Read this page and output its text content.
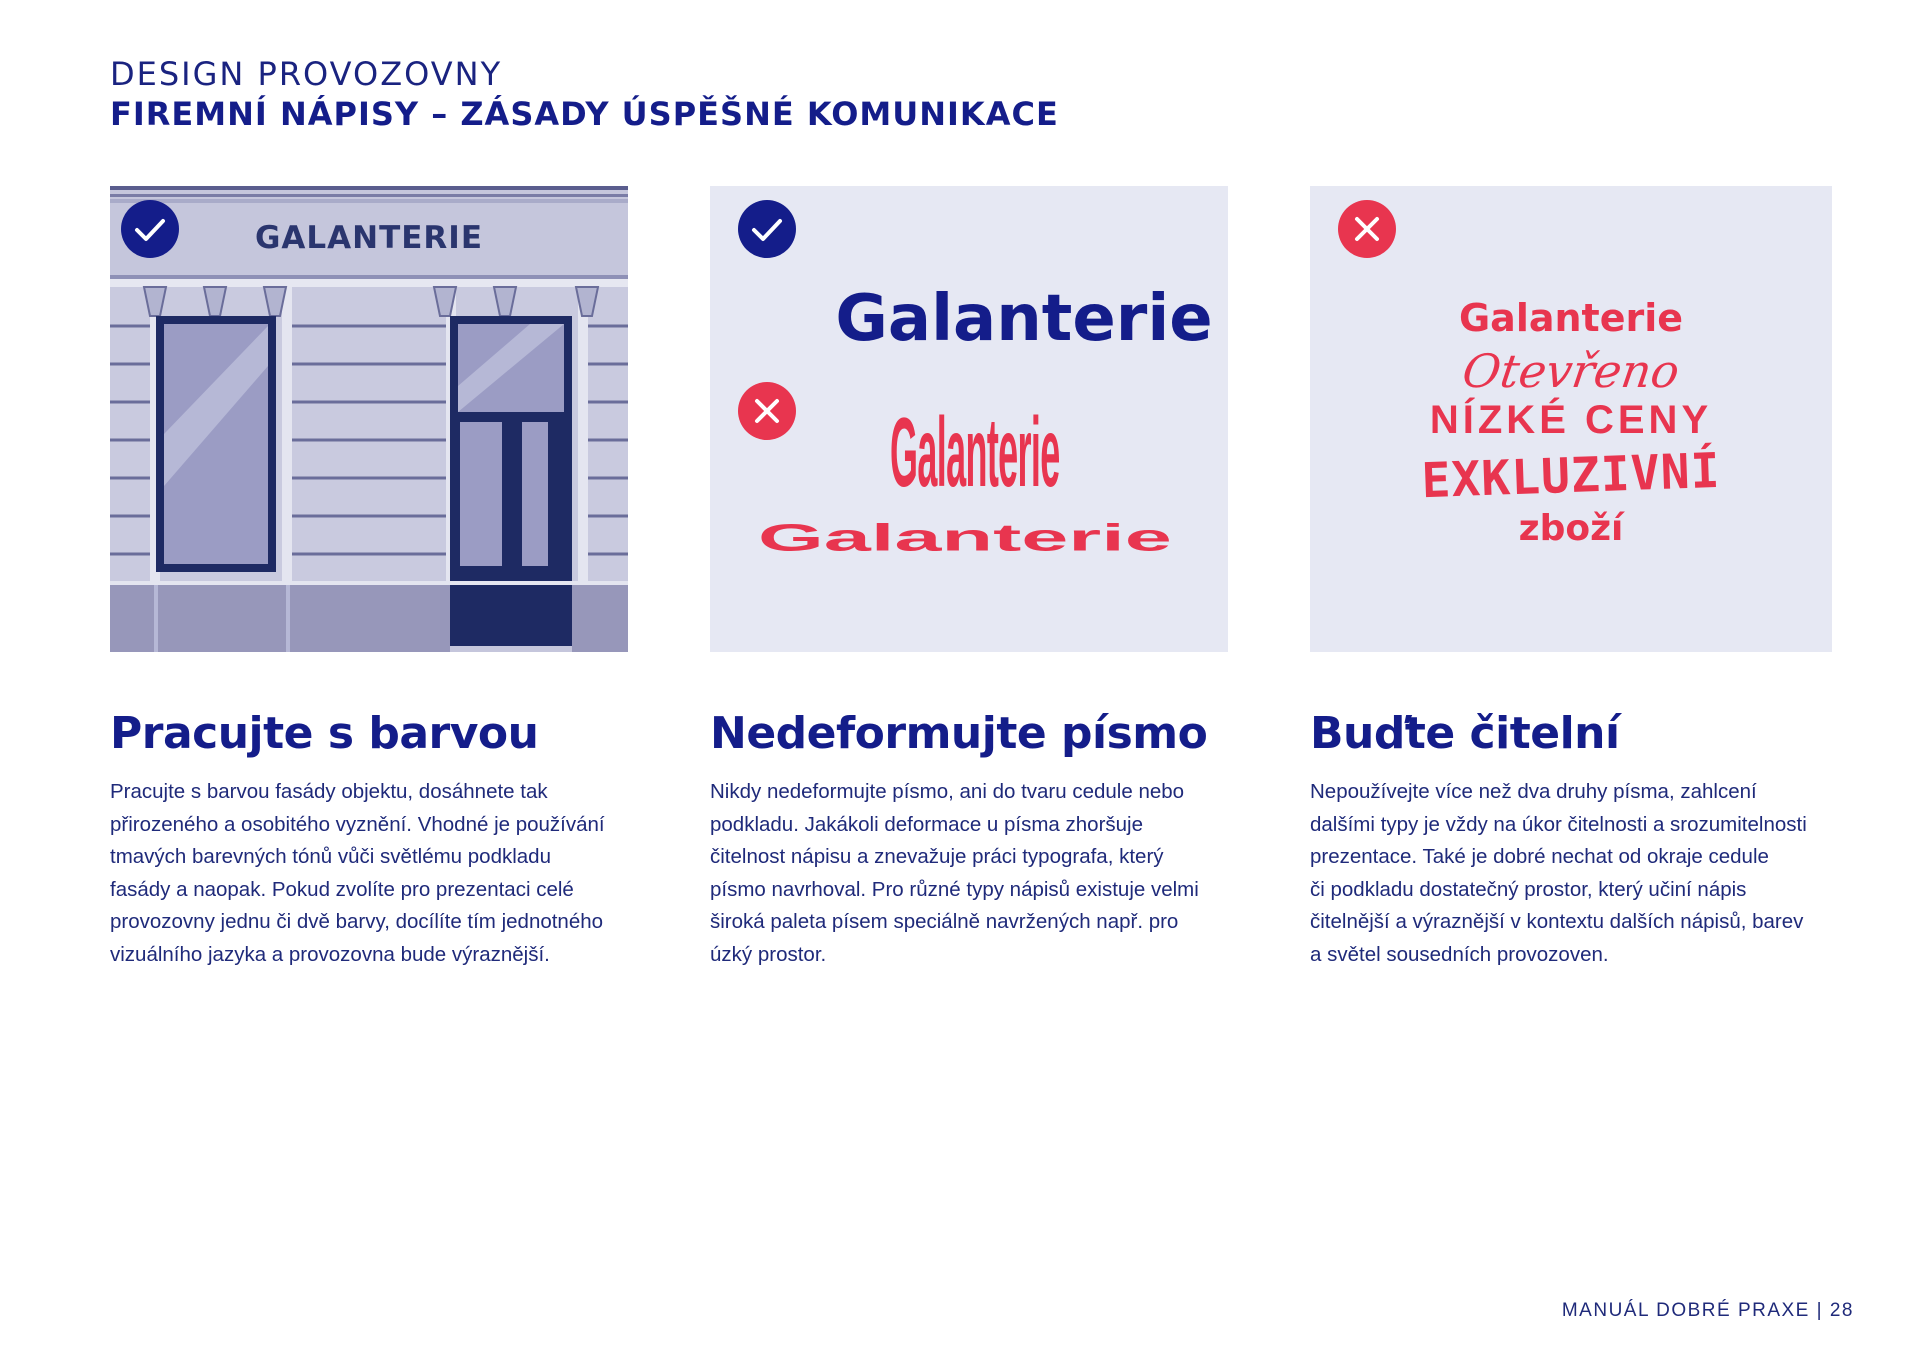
DESIGN PROVOZOVNY
FIREMNÍ NÁPISY – ZÁSADY ÚSPĚŠNÉ KOMUNIKACE
GALANTERIE
Galanterie
Galanterie
Galanterie
Galanterie
Otevřeno
NÍZKÉ CENY
EXKLUZIVNÍ
zboží
Pracujte s barvou

Pracujte s barvou fasády objektu, dosáhnete tak
přirozeného a osobitého vyznění. Vhodné je používání
tmavých barevných tónů vůči světlému podkladu
fasády a naopak. Pokud zvolíte pro prezentaci celé
provozovny jednu či dvě barvy, docílíte tím jednotného
vizuálního jazyka a provozovna bude výraznější.

Nedeformujte písmo

Nikdy nedeformujte písmo, ani do tvaru cedule nebo
podkladu. Jakákoli deformace u písma zhoršuje
čitelnost nápisu a znevažuje práci typografa, který
písmo navrhoval. Pro různé typy nápisů existuje velmi
široká paleta písem speciálně navržených např. pro
úzký prostor.

Buďte čitelní

Nepoužívejte více než dva druhy písma, zahlcení
dalšími typy je vždy na úkor čitelnosti a srozumitelnosti
prezentace. Také je dobré nechat od okraje cedule
či podkladu dostatečný prostor, který učiní nápis
čitelnější a výraznější v kontextu dalších nápisů, barev
a světel sousedních provozoven.

MANUÁL DOBRÉ PRAXE | 28
